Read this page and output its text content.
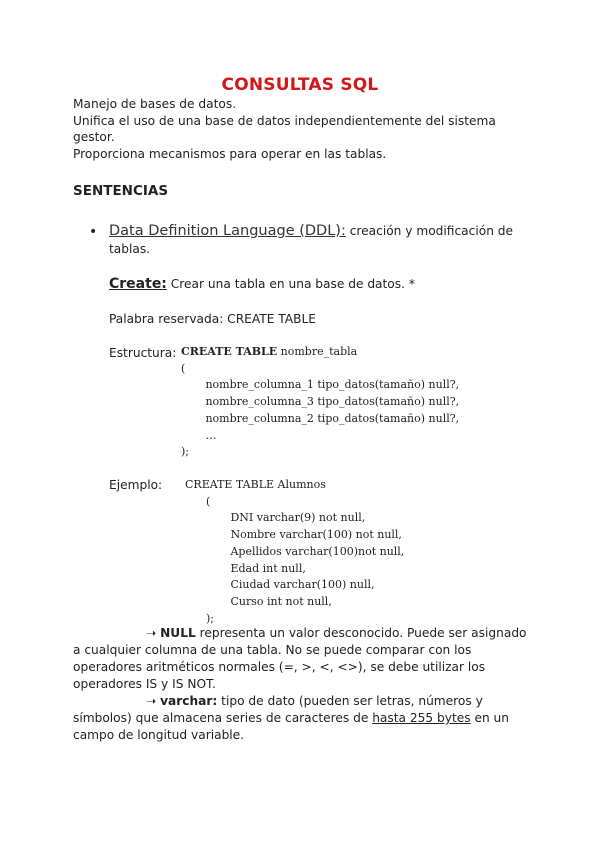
CONSULTAS SQL
Manejo de bases de datos.
Unifica el uso de una base de datos independientemente del sistema gestor.
Proporciona mecanismos para operar en las tablas.
SENTENCIAS
• Data Definition Language (DDL): creación y modificación de tablas.
Create: Crear una tabla en una base de datos. *
Palabra reservada: CREATE TABLE
Estructura: CREATE TABLE nombre_tabla
(
nombre_columna_1 tipo_datos(tamaño) null?,
nombre_columna_3 tipo_datos(tamaño) null?,
nombre_columna_2 tipo_datos(tamaño) null?,
…
);
Ejemplo: CREATE TABLE Alumnos
(
DNI varchar(9) not null,
Nombre varchar(100) not null,
Apellidos varchar(100)not null,
Edad int null,
Ciudad varchar(100) null,
Curso int not null,
);
➝ NULL representa un valor desconocido. Puede ser asignado a cualquier columna de una tabla. No se puede comparar con los operadores aritméticos normales (=, >, <, <>), se debe utilizar los operadores IS y IS NOT.
➝ varchar: tipo de dato (pueden ser letras, números y símbolos) que almacena series de caracteres de hasta 255 bytes en un campo de longitud variable.
